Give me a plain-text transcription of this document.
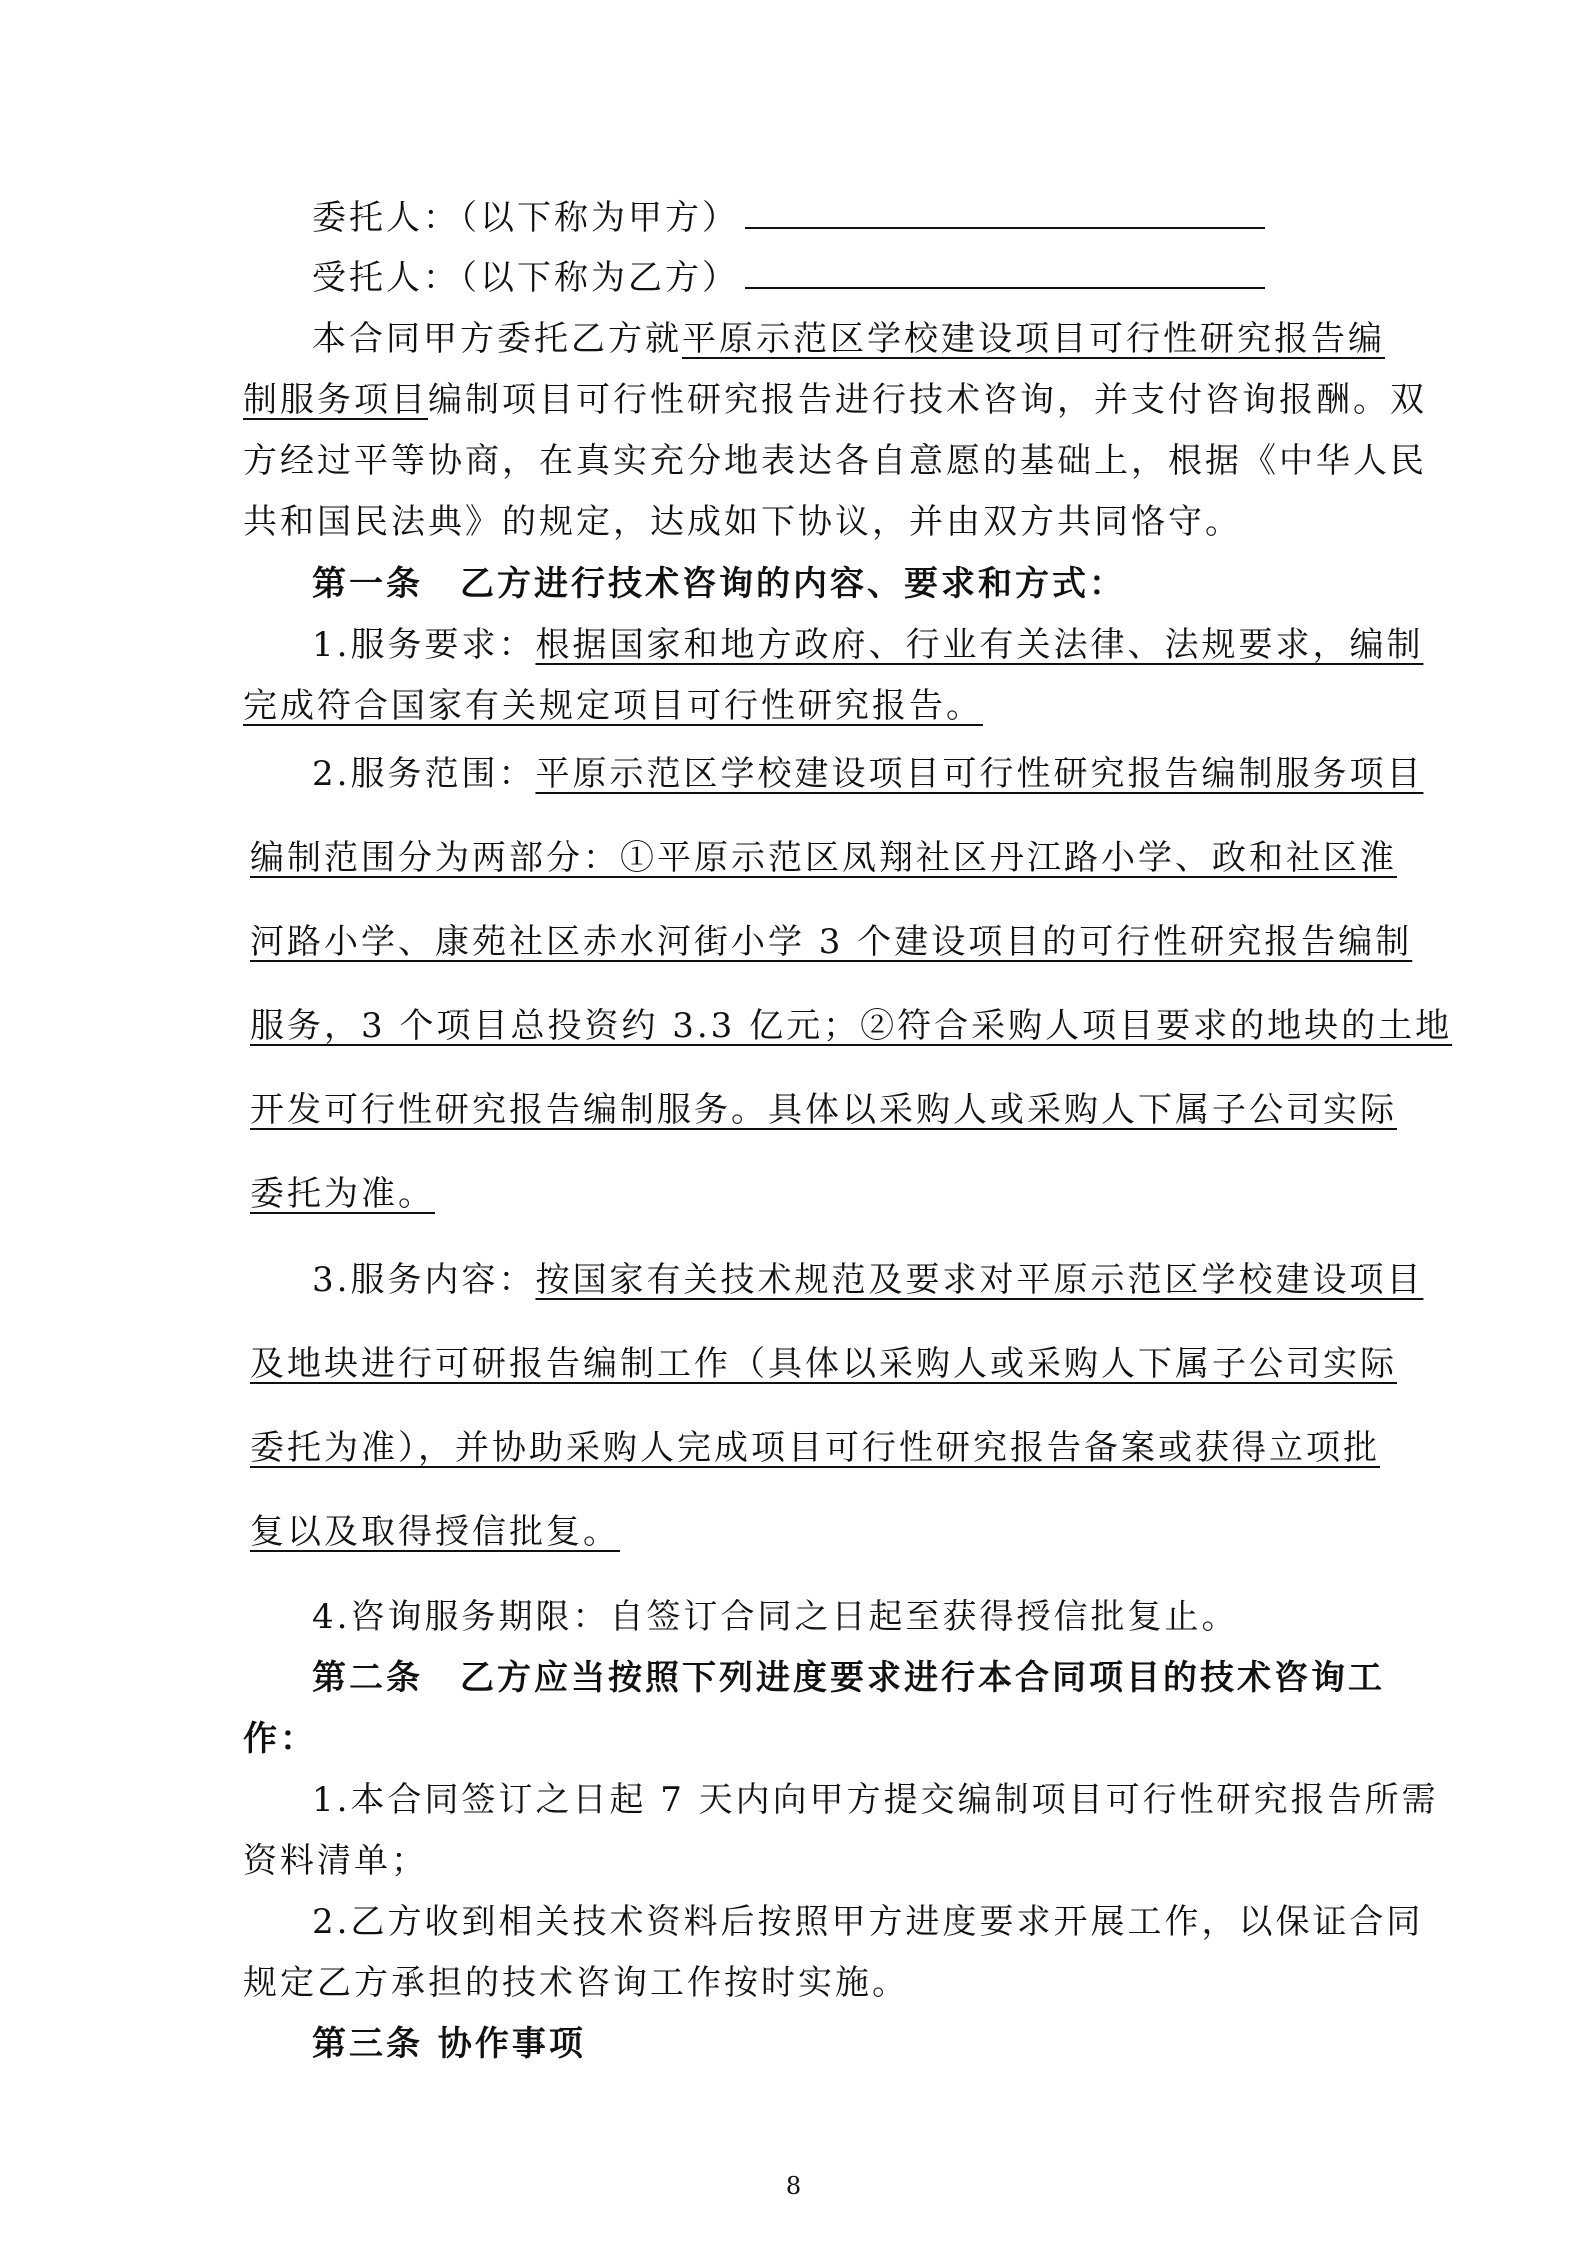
委托人：（以下称为甲方）
受托人：（以下称为乙方）
本合同甲方委托乙方就平原示范区学校建设项目可行性研究报告编
制服务项目编制项目可行性研究报告进行技术咨询，并支付咨询报酬。双
方经过平等协商，在真实充分地表达各自意愿的基础上，根据《中华人民
共和国民法典》的规定，达成如下协议，并由双方共同恪守。
第一条　乙方进行技术咨询的内容、要求和方式：
1.服务要求：根据国家和地方政府、行业有关法律、法规要求，编制
完成符合国家有关规定项目可行性研究报告。
2.服务范围：平原示范区学校建设项目可行性研究报告编制服务项目
编制范围分为两部分：①平原示范区凤翔社区丹江路小学、政和社区淮
河路小学、康苑社区赤水河街小学 3 个建设项目的可行性研究报告编制
服务，3 个项目总投资约 3.3 亿元；②符合采购人项目要求的地块的土地
开发可行性研究报告编制服务。具体以采购人或采购人下属子公司实际
委托为准。
3.服务内容：按国家有关技术规范及要求对平原示范区学校建设项目
及地块进行可研报告编制工作（具体以采购人或采购人下属子公司实际
委托为准），并协助采购人完成项目可行性研究报告备案或获得立项批
复以及取得授信批复。
4.咨询服务期限：自签订合同之日起至获得授信批复止。
第二条　乙方应当按照下列进度要求进行本合同项目的技术咨询工
作：
1.本合同签订之日起 7 天内向甲方提交编制项目可行性研究报告所需
资料清单；
2.乙方收到相关技术资料后按照甲方进度要求开展工作，以保证合同
规定乙方承担的技术咨询工作按时实施。
第三条 协作事项
8
